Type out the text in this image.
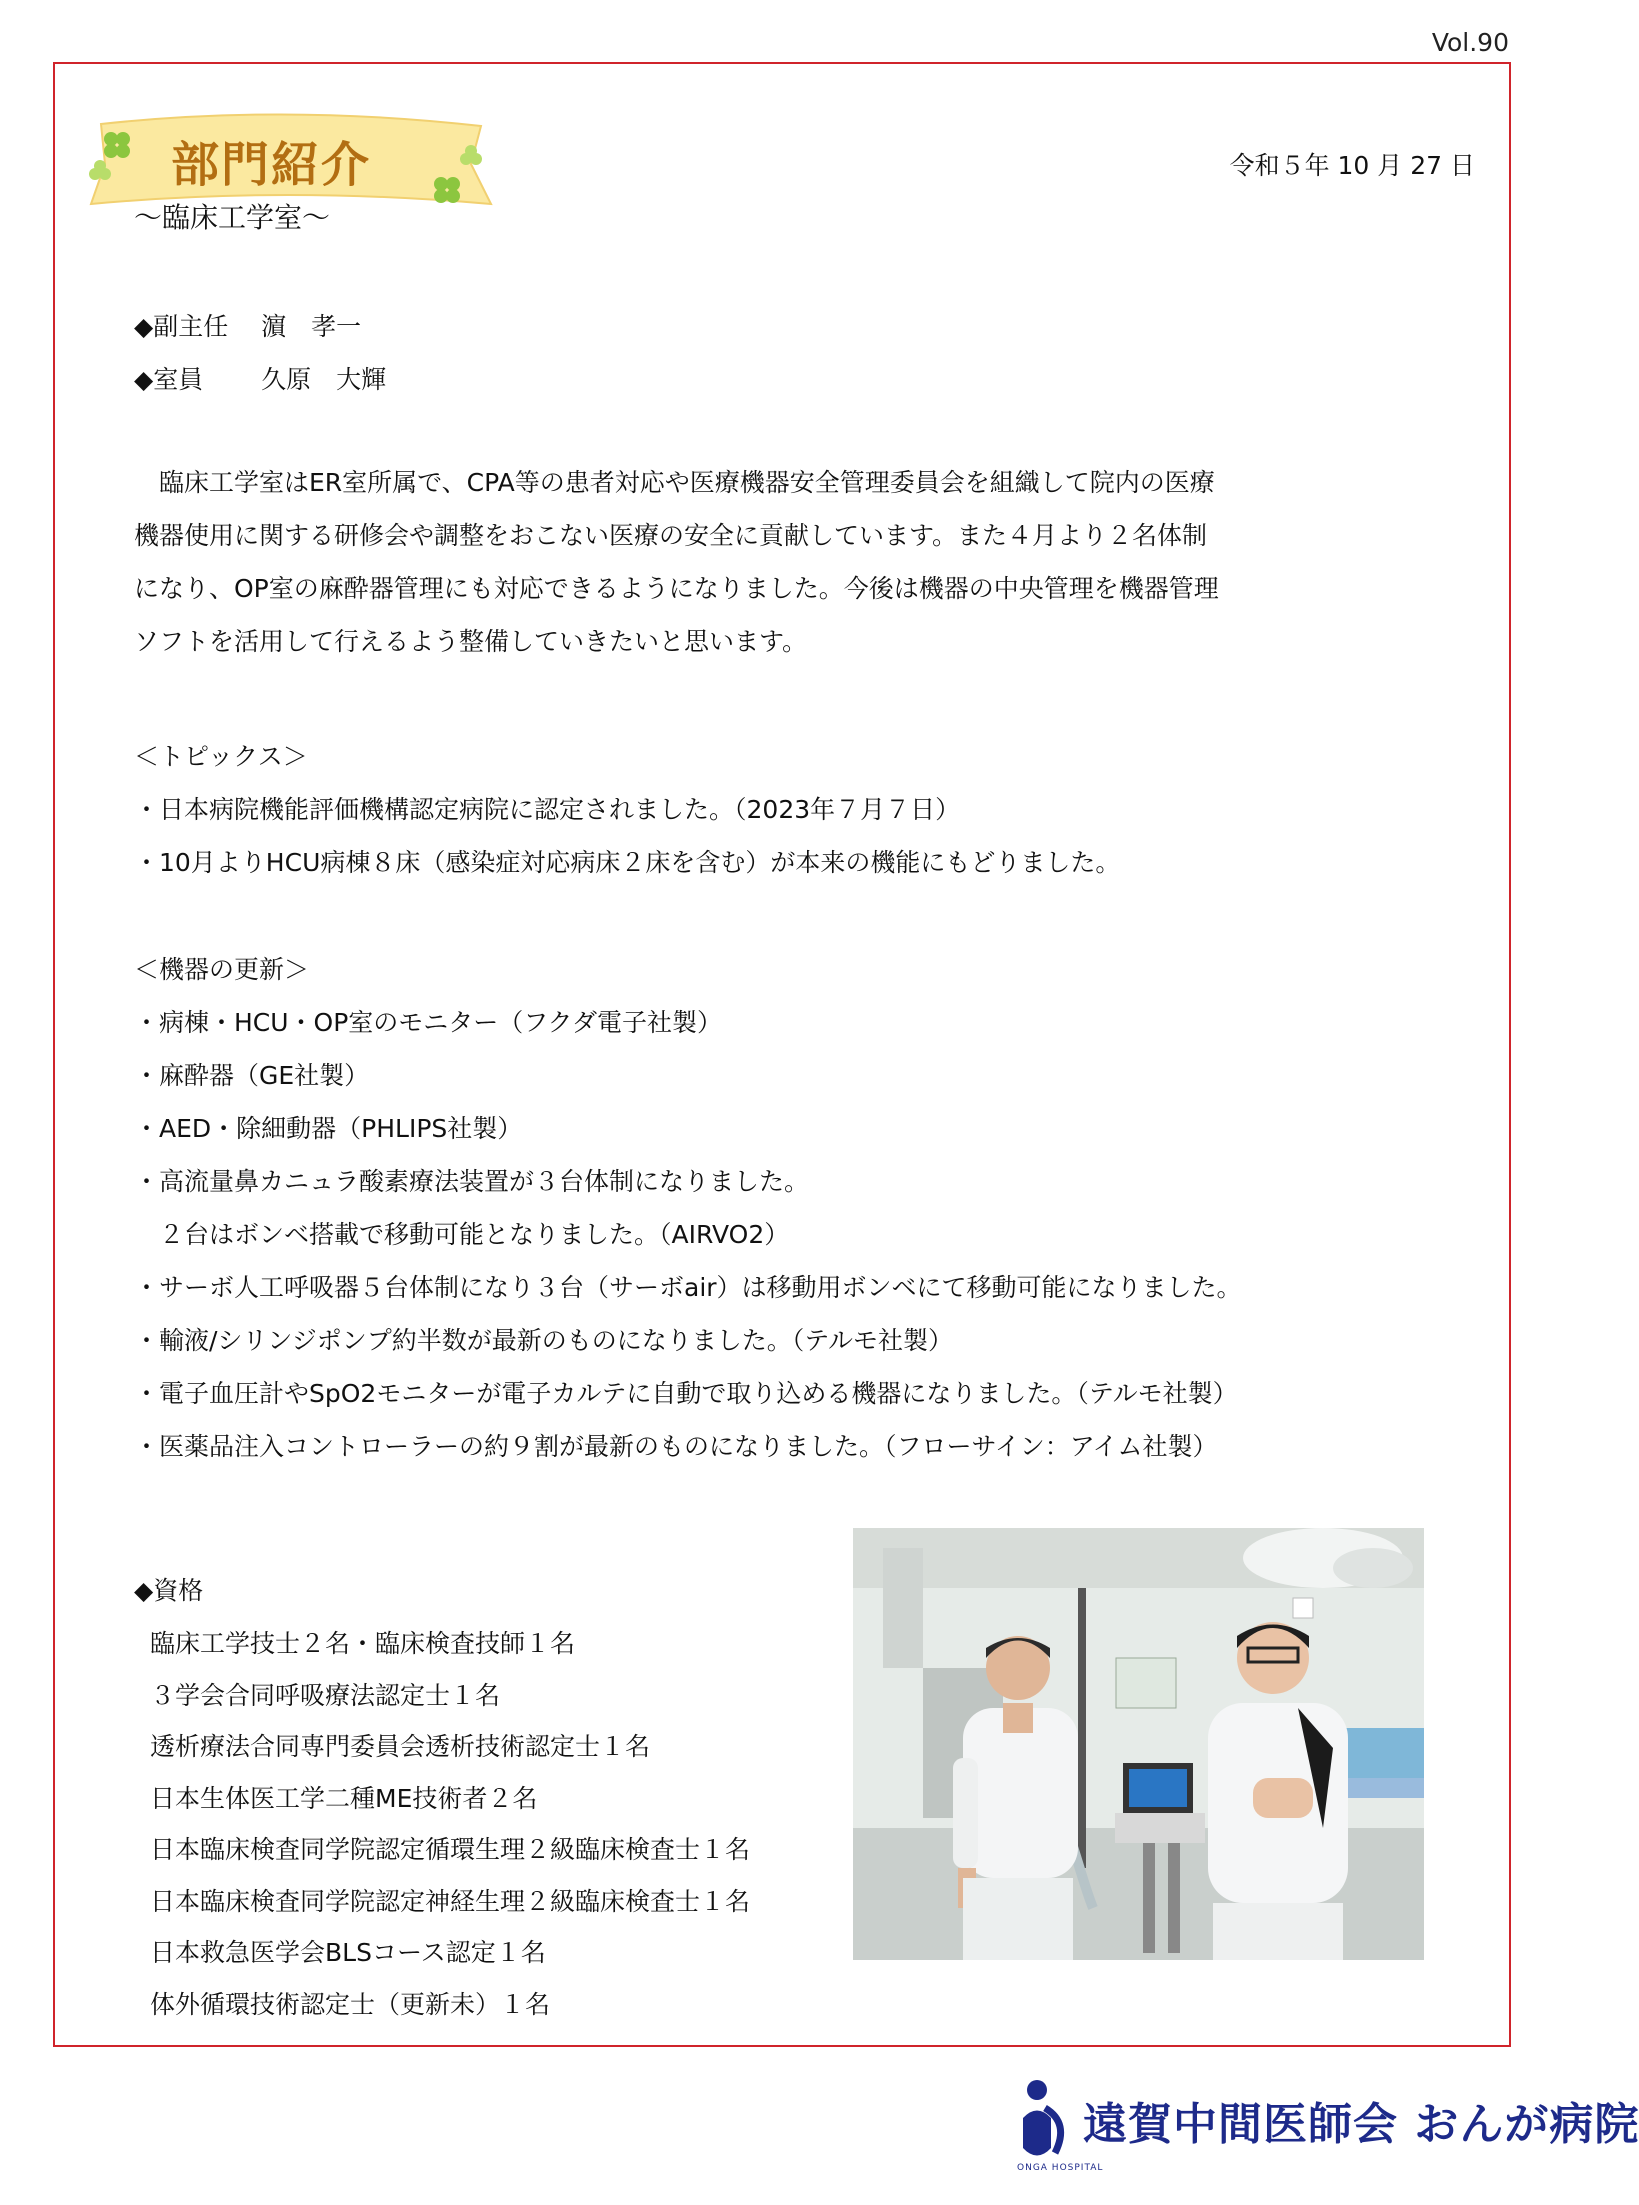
Vol.90
部門紹介	令和５年 10 月 27 日
～臨床工学室～
◆副主任　 濵　孝一
◆室員　　 久原　大輝

　臨床工学室はER室所属で、CPA等の患者対応や医療機器安全管理委員会を組織して院内の医療

機器使用に関する研修会や調整をおこない医療の安全に貢献しています。また４月より２名体制

になり、OP室の麻酔器管理にも対応できるようになりました。今後は機器の中央管理を機器管理

ソフトを活用して行えるよう整備していきたいと思います。

＜トピックス＞
・日本病院機能評価機構認定病院に認定されました。（2023年７月７日）
・10月よりHCU病棟８床（感染症対応病床２床を含む）が本来の機能にもどりました。
＜機器の更新＞
・病棟・HCU・OP室のモニター（フクダ電子社製）
・麻酔器（GE社製）
・AED・除細動器（PHLIPS社製）
・高流量鼻カニュラ酸素療法装置が３台体制になりました。
　２台はボンベ搭載で移動可能となりました。（AIRVO2）
・サーボ人工呼吸器５台体制になり３台（サーボair）は移動用ボンベにて移動可能になりました。
・輸液/シリンジポンプ約半数が最新のものになりました。（テルモ社製）
・電子血圧計やSpO2モニターが電子カルテに自動で取り込める機器になりました。（テルモ社製）
・医薬品注入コントローラーの約９割が最新のものになりました。（フローサイン：アイム社製）
◆資格
臨床工学技士２名・臨床検査技師１名
３学会合同呼吸療法認定士１名
透析療法合同専門委員会透析技術認定士１名
日本生体医工学二種ME技術者２名
日本臨床検査同学院認定循環生理２級臨床検査士１名
日本臨床検査同学院認定神経生理２級臨床検査士１名
日本救急医学会BLSコース認定１名
体外循環技術認定士（更新未）１名
遠賀中間医師会 おんが病院
ONGA HOSPITAL
